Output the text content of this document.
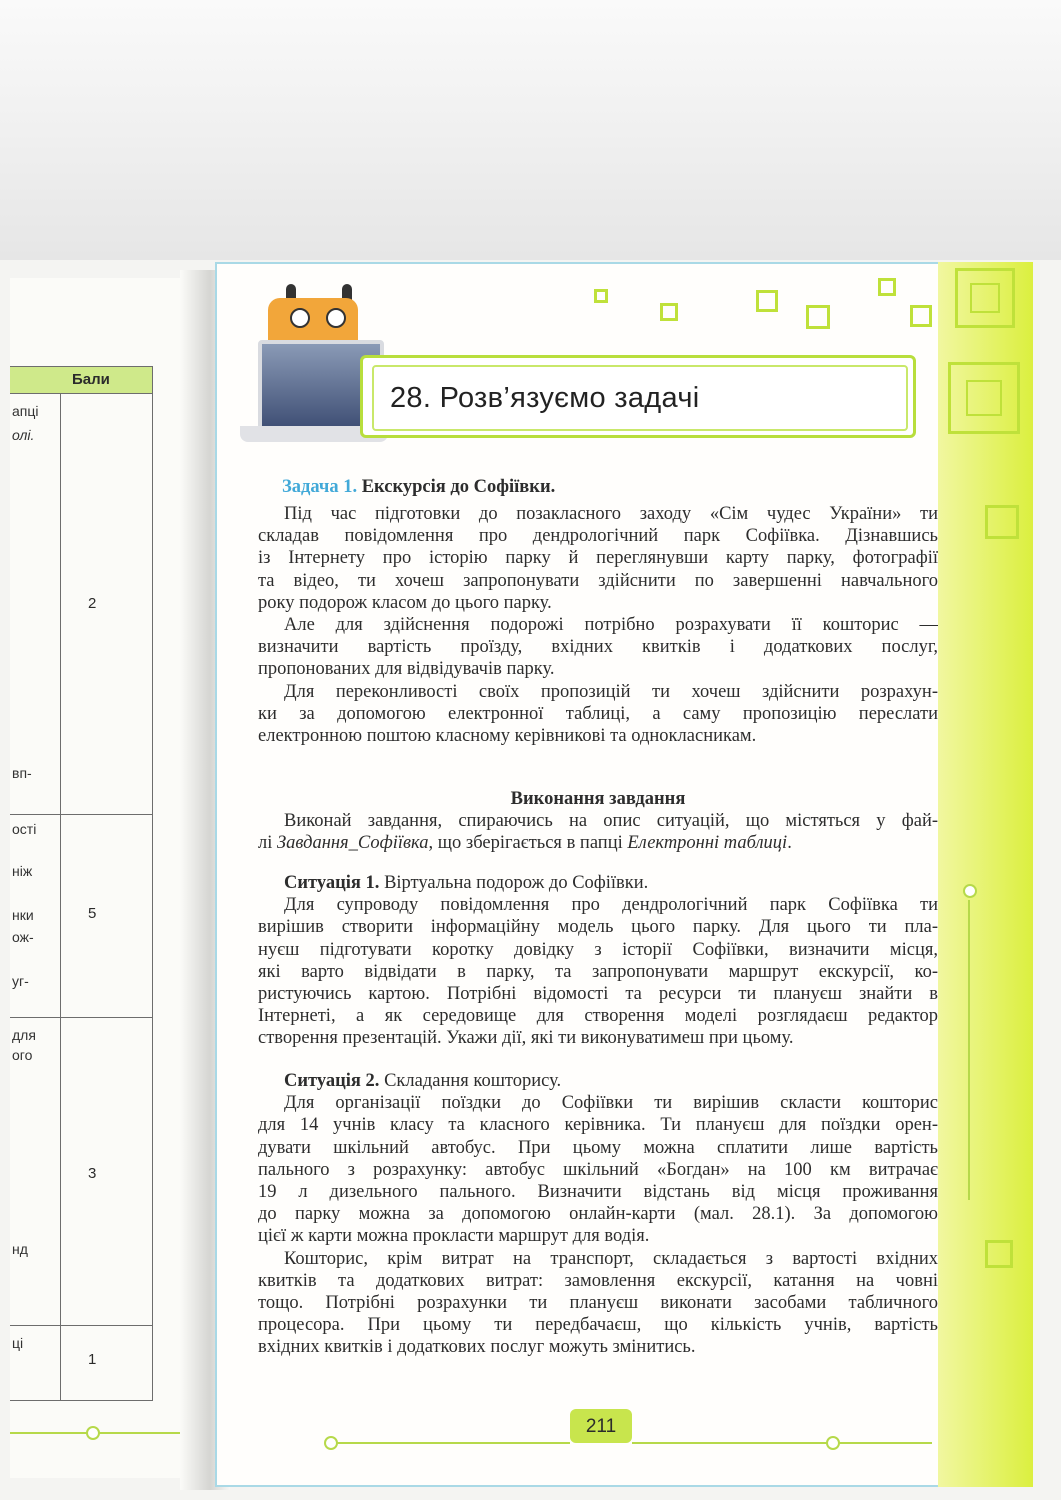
Бали
апці
олі.
вп-
ості
ніж
нки
ож-
уг-
для
ого
нд
ці
2
5
3
1
28. Розв’язуємо задачі
Задача 1. Екскурсія до Софіївки.
Під час підготовки до позакласного заходу «Сім чудес України» ти
складав повідомлення про дендрологічний парк Софіївка. Дізнавшись
із Інтернету про історію парку й переглянувши карту парку, фотографії
та відео, ти хочеш запропонувати здійснити по завершенні навчального
року подорож класом до цього парку.
Але для здійснення подорожі потрібно розрахувати її кошторис —
визначити вартість проїзду, вхідних квитків і додаткових послуг,
пропонованих для відвідувачів парку.
Для переконливості своїх пропозицій ти хочеш здійснити розрахун-
ки за допомогою електронної таблиці, а саму пропозицію переслати
електронною поштою класному керівникові та однокласникам.
Виконання завдання
Виконай завдання, спираючись на опис ситуацій, що містяться у фай-
лі Завдання_Софіївка, що зберігається в папці Електронні таблиці.
Ситуація 1. Віртуальна подорож до Софіївки.
Для супроводу повідомлення про дендрологічний парк Софіївка ти
вирішив створити інформаційну модель цього парку. Для цього ти пла-
нуєш підготувати коротку довідку з історії Софіївки, визначити місця,
які варто відвідати в парку, та запропонувати маршрут екскурсії, ко-
ристуючись картою. Потрібні відомості та ресурси ти плануєш знайти в
Інтернеті, а як середовище для створення моделі розглядаєш редактор
створення презентацій. Укажи дії, які ти виконуватимеш при цьому.
Ситуація 2. Складання кошторису.
Для організації поїздки до Софіївки ти вирішив скласти кошторис
для 14 учнів класу та класного керівника. Ти плануєш для поїздки орен-
дувати шкільний автобус. При цьому можна сплатити лише вартість
пального з розрахунку: автобус шкільний «Богдан» на 100 км витрачає
19 л дизельного пального. Визначити відстань від місця проживання
до парку можна за допомогою онлайн-карти (мал. 28.1). За допомогою
цієї ж карти можна прокласти маршрут для водія.
Кошторис, крім витрат на транспорт, складається з вартості вхідних
квитків та додаткових витрат: замовлення екскурсії, катання на човні
тощо. Потрібні розрахунки ти плануєш виконати засобами табличного
процесора. При цьому ти передбачаєш, що кількість учнів, вартість
вхідних квитків і додаткових послуг можуть змінитись.
211
